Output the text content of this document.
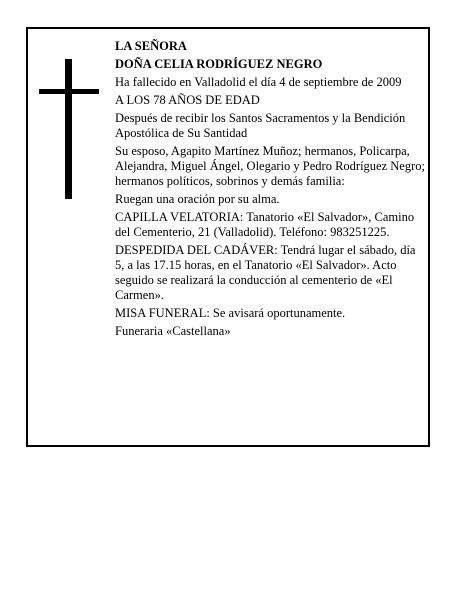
LA SEÑORA

DOÑA CELIA RODRÍGUEZ NEGRO

Ha fallecido en Valladolid el día 4 de septiembre de 2009

A LOS 78 AÑOS DE EDAD

Después de recibir los Santos Sacramentos y la Bendición Apostólica de Su Santidad

Su esposo, Agapito Martínez Muñoz; hermanos, Policarpa, Alejandra, Miguel Ángel, Olegario y Pedro Rodríguez Negro; hermanos políticos, sobrinos y demás familia:

Ruegan una oración por su alma.

CAPILLA VELATORIA: Tanatorio «El Salvador», Camino del Cementerio, 21 (Valladolid). Teléfono: 983251225.

DESPEDIDA DEL CADÁVER: Tendrá lugar el sábado, día 5, a las 17.15 horas, en el Tanatorio «El Salvador». Acto seguido se realizará la conducción al cementerio de «El Carmen».

MISA FUNERAL: Se avisará oportunamente.

Funeraria «Castellana»
